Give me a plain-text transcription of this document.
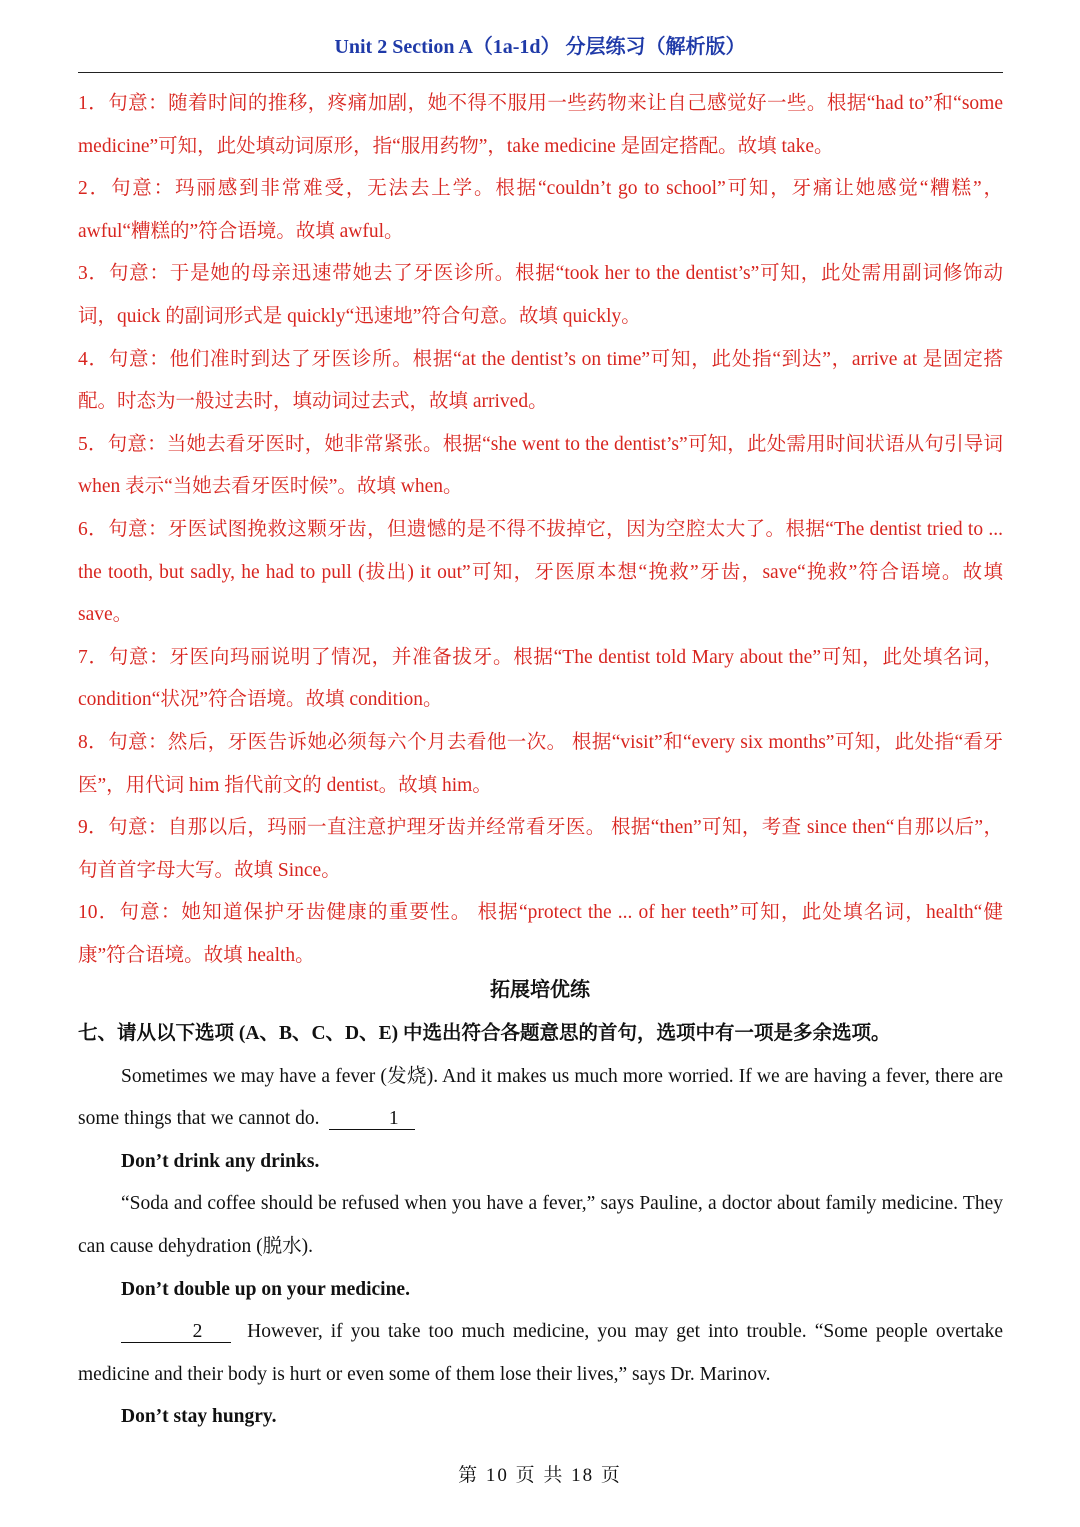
Unit 2 Section A（1a-1d） 分层练习（解析版）

1．句意：随着时间的推移，疼痛加剧，她不得不服用一些药物来让自己感觉好一些。根据“had to”和“some medicine”可知，此处填动词原形，指“服用药物”，take medicine 是固定搭配。故填 take。

2．句意：玛丽感到非常难受，无法去上学。根据“couldn’t go to school”可知，牙痛让她感觉“糟糕”，awful“糟糕的”符合语境。故填 awful。

3．句意：于是她的母亲迅速带她去了牙医诊所。根据“took her to the dentist’s”可知，此处需用副词修饰动词，quick 的副词形式是 quickly“迅速地”符合句意。故填 quickly。

4．句意：他们准时到达了牙医诊所。根据“at the dentist’s on time”可知，此处指“到达”，arrive at 是固定搭配。时态为一般过去时，填动词过去式，故填 arrived。

5．句意：当她去看牙医时，她非常紧张。根据“she went to the dentist’s”可知，此处需用时间状语从句引导词 when 表示“当她去看牙医时候”。故填 when。

6．句意：牙医试图挽救这颗牙齿，但遗憾的是不得不拔掉它，因为空腔太大了。根据“The dentist tried to ... the tooth, but sadly, he had to pull (拔出) it out”可知，牙医原本想“挽救”牙齿，save“挽救”符合语境。故填 save。

7．句意：牙医向玛丽说明了情况，并准备拔牙。根据“The dentist told Mary about the”可知，此处填名词，condition“状况”符合语境。故填 condition。

8．句意：然后，牙医告诉她必须每六个月去看他一次。 根据“visit”和“every six months”可知，此处指“看牙医”，用代词 him 指代前文的 dentist。故填 him。

9．句意：自那以后，玛丽一直注意护理牙齿并经常看牙医。 根据“then”可知，考查 since then“自那以后”，句首首字母大写。故填 Since。

10．句意：她知道保护牙齿健康的重要性。 根据“protect the ... of her teeth”可知，此处填名词，health“健康”符合语境。故填 health。

拓展培优练

七、请从以下选项 (A、B、C、D、E) 中选出符合各题意思的首句，选项中有一项是多余选项。

Sometimes we may have a fever (发烧). And it makes us much more worried. If we are having a fever, there are some things that we cannot do.	1

Don’t drink any drinks.

“Soda and coffee should be refused when you have a fever,” says Pauline, a doctor about family medicine. They can cause dehydration (脱水).

Don’t double up on your medicine.

2 However, if you take too much medicine, you may get into trouble. “Some people overtake medicine and their body is hurt or even some of them lose their lives,” says Dr. Marinov.

Don’t stay hungry.

第 10 页 共 18 页
